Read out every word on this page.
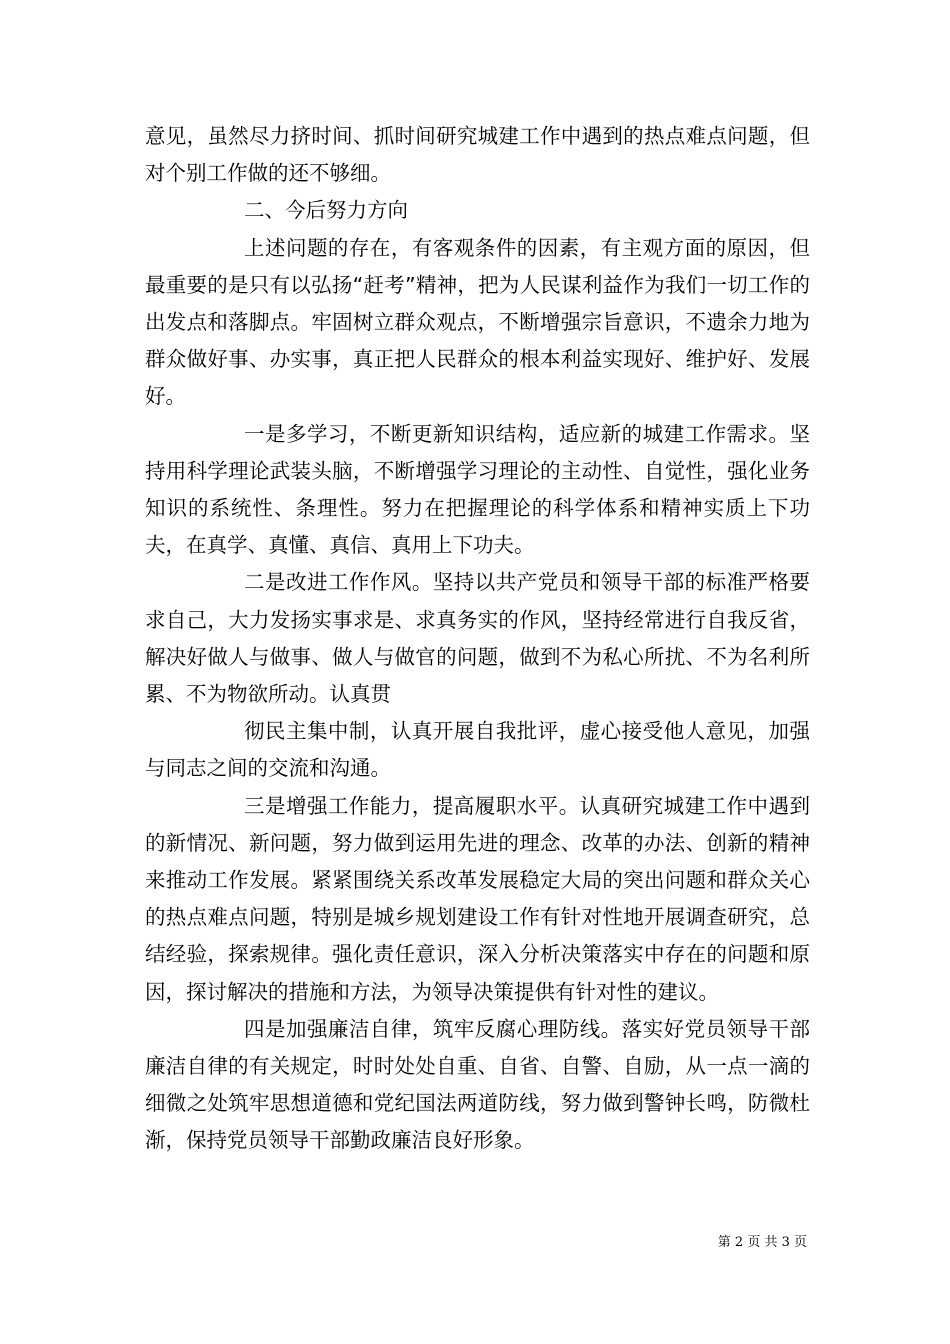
意见，虽然尽力挤时间、抓时间研究城建工作中遇到的热点难点问题，但对个别工作做的还不够细。

二、今后努力方向

上述问题的存在，有客观条件的因素，有主观方面的原因，但最重要的是只有以弘扬“赶考”精神，把为人民谋利益作为我们一切工作的出发点和落脚点。牢固树立群众观点，不断增强宗旨意识，不遗余力地为群众做好事、办实事，真正把人民群众的根本利益实现好、维护好、发展好。

一是多学习，不断更新知识结构，适应新的城建工作需求。坚持用科学理论武装头脑，不断增强学习理论的主动性、自觉性，强化业务知识的系统性、条理性。努力在把握理论的科学体系和精神实质上下功夫，在真学、真懂、真信、真用上下功夫。

二是改进工作作风。坚持以共产党员和领导干部的标准严格要求自己，大力发扬实事求是、求真务实的作风，坚持经常进行自我反省，解决好做人与做事、做人与做官的问题，做到不为私心所扰、不为名利所累、不为物欲所动。认真贯

彻民主集中制，认真开展自我批评，虚心接受他人意见，加强与同志之间的交流和沟通。

三是增强工作能力，提高履职水平。认真研究城建工作中遇到的新情况、新问题，努力做到运用先进的理念、改革的办法、创新的精神来推动工作发展。紧紧围绕关系改革发展稳定大局的突出问题和群众关心的热点难点问题，特别是城乡规划建设工作有针对性地开展调查研究，总结经验，探索规律。强化责任意识，深入分析决策落实中存在的问题和原因，探讨解决的措施和方法，为领导决策提供有针对性的建议。

四是加强廉洁自律，筑牢反腐心理防线。落实好党员领导干部廉洁自律的有关规定，时时处处自重、自省、自警、自励，从一点一滴的细微之处筑牢思想道德和党纪国法两道防线，努力做到警钟长鸣，防微杜渐，保持党员领导干部勤政廉洁良好形象。

第 2 页 共 3 页
